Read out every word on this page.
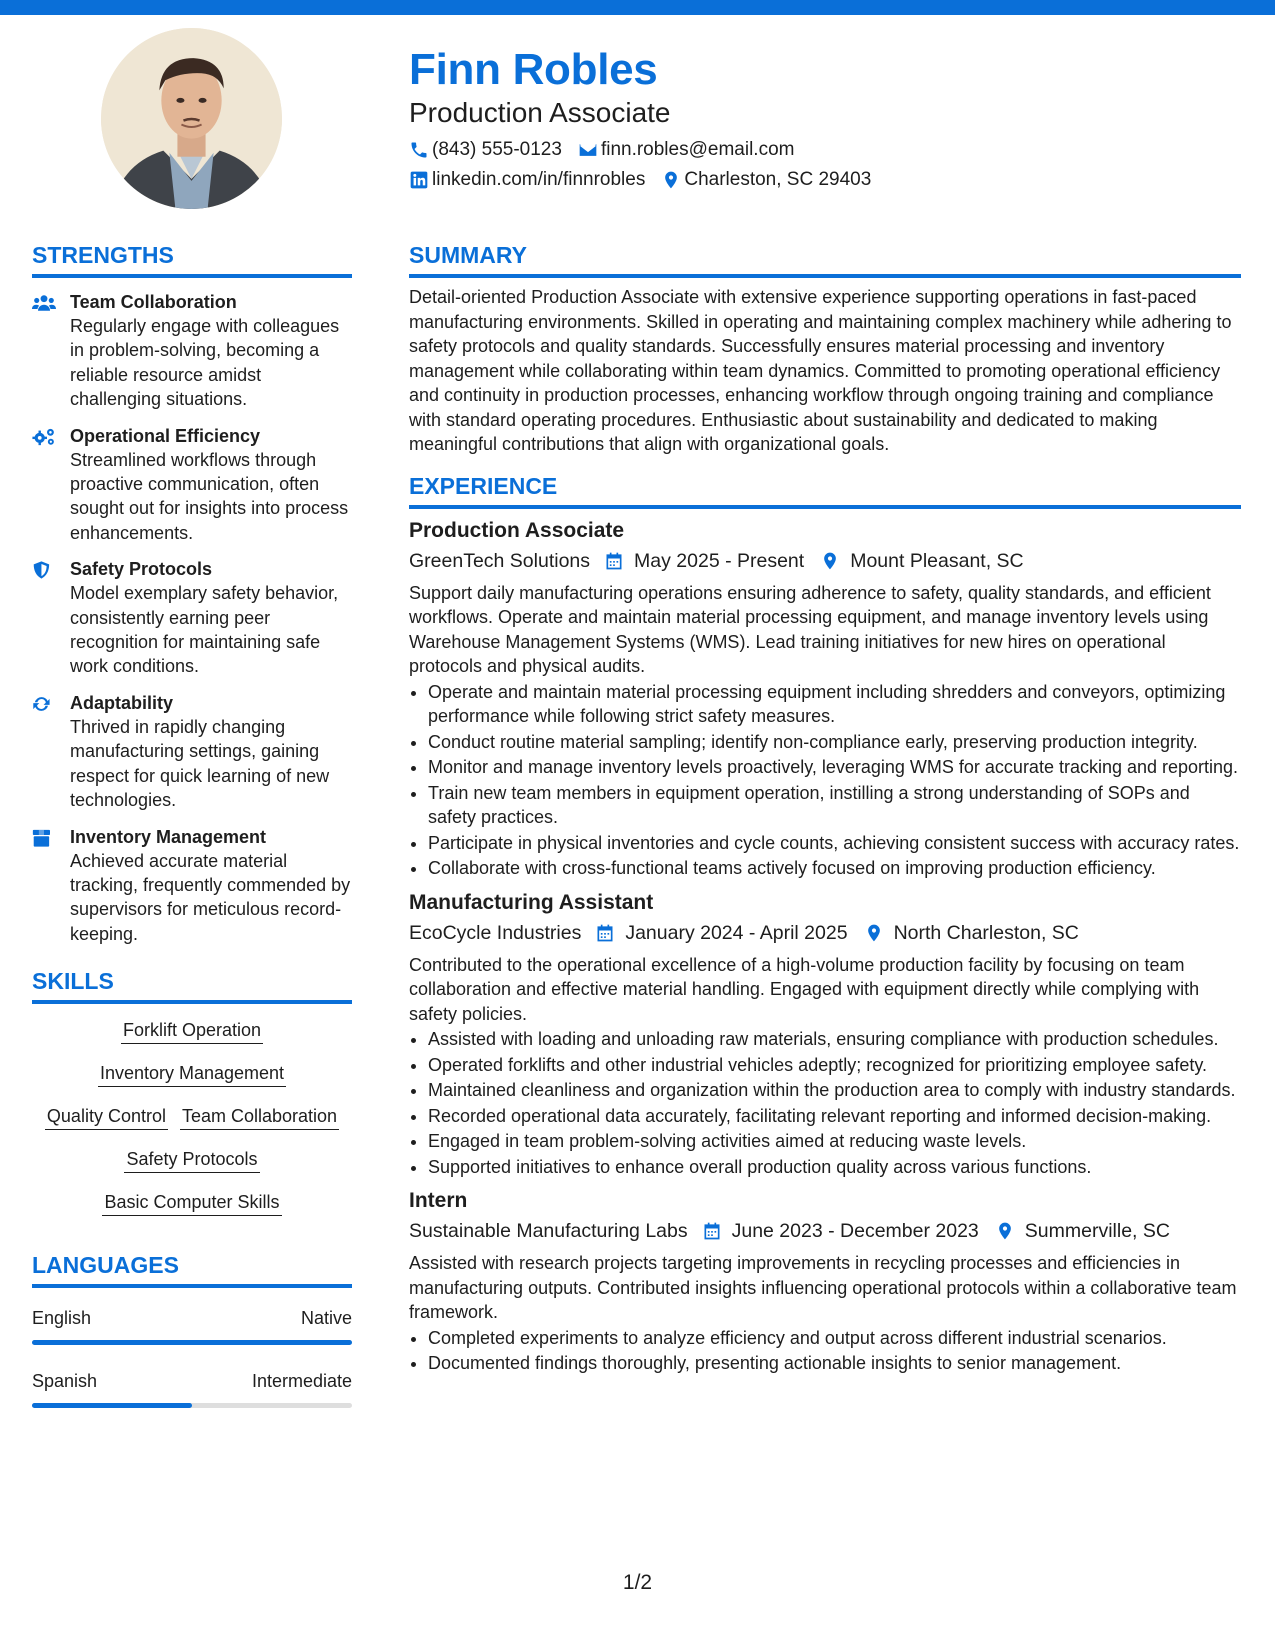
Finn Robles
Production Associate
(843) 555-0123 finn.robles@email.com
linkedin.com/in/finnrobles Charleston, SC 29403
STRENGTHS
Team Collaboration
Regularly engage with colleagues in problem-solving, becoming a reliable resource amidst challenging situations.
Operational Efficiency
Streamlined workflows through proactive communication, often sought out for insights into process enhancements.
Safety Protocols
Model exemplary safety behavior, consistently earning peer recognition for maintaining safe work conditions.
Adaptability
Thrived in rapidly changing manufacturing settings, gaining respect for quick learning of new technologies.
Inventory Management
Achieved accurate material tracking, frequently commended by supervisors for meticulous record-keeping.
SKILLS
Forklift Operation
Inventory Management
Quality Control Team Collaboration
Safety Protocols
Basic Computer Skills
LANGUAGES
English	Native
Spanish	Intermediate
SUMMARY
Detail-oriented Production Associate with extensive experience supporting operations in fast-paced manufacturing environments. Skilled in operating and maintaining complex machinery while adhering to safety protocols and quality standards. Successfully ensures material processing and inventory management while collaborating within team dynamics. Committed to promoting operational efficiency and continuity in production processes, enhancing workflow through ongoing training and compliance with standard operating procedures. Enthusiastic about sustainability and dedicated to making meaningful contributions that align with organizational goals.
EXPERIENCE
Production Associate
GreenTech Solutions May 2025 - Present Mount Pleasant, SC
Support daily manufacturing operations ensuring adherence to safety, quality standards, and efficient workflows. Operate and maintain material processing equipment, and manage inventory levels using Warehouse Management Systems (WMS). Lead training initiatives for new hires on operational protocols and physical audits.
• Operate and maintain material processing equipment including shredders and conveyors, optimizing performance while following strict safety measures.
• Conduct routine material sampling; identify non-compliance early, preserving production integrity.
• Monitor and manage inventory levels proactively, leveraging WMS for accurate tracking and reporting.
• Train new team members in equipment operation, instilling a strong understanding of SOPs and safety practices.
• Participate in physical inventories and cycle counts, achieving consistent success with accuracy rates.
• Collaborate with cross-functional teams actively focused on improving production efficiency.
Manufacturing Assistant
EcoCycle Industries January 2024 - April 2025 North Charleston, SC
Contributed to the operational excellence of a high-volume production facility by focusing on team collaboration and effective material handling. Engaged with equipment directly while complying with safety policies.
• Assisted with loading and unloading raw materials, ensuring compliance with production schedules.
• Operated forklifts and other industrial vehicles adeptly; recognized for prioritizing employee safety.
• Maintained cleanliness and organization within the production area to comply with industry standards.
• Recorded operational data accurately, facilitating relevant reporting and informed decision-making.
• Engaged in team problem-solving activities aimed at reducing waste levels.
• Supported initiatives to enhance overall production quality across various functions.
Intern
Sustainable Manufacturing Labs June 2023 - December 2023 Summerville, SC
Assisted with research projects targeting improvements in recycling processes and efficiencies in manufacturing outputs. Contributed insights influencing operational protocols within a collaborative team framework.
• Completed experiments to analyze efficiency and output across different industrial scenarios.
• Documented findings thoroughly, presenting actionable insights to senior management.
1/2
